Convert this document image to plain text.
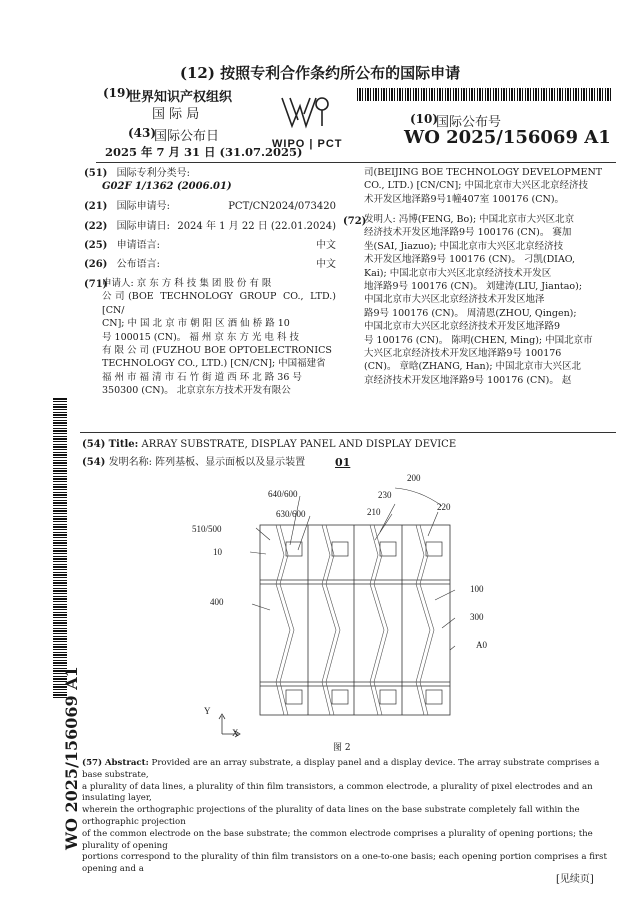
(12) 按照专利合作条约所公布的国际申请
(19)
世界知识产权组织
国 际 局
(43)
国际公布日
2025 年 7 月 31 日 (31.07.2025)
WIPO | PCT
(10)
国际公布号
WO 2025/156069 A1
(51) 国际专利分类号:
G02F 1/1362 (2006.01)
(21) 国际申请号:	PCT/CN2024/073420
(22) 国际申请日: 2024 年 1 月 22 日 (22.01.2024)
(25) 申请语言:	中文
(26) 公布语言:	中文
(71)
申请人: 京 东 方 科 技 集 团 股 份 有 限
公司(BOE TECHNOLOGY GROUP CO., LTD.) [CN/
CN]; 中 国 北 京 市 朝 阳 区 酒 仙 桥 路 10
号 100015 (CN)。 福 州 京 东 方 光 电 科 技
有 限 公 司 (FUZHOU BOE OPTOELECTRONICS
TECHNOLOGY CO., LTD.) [CN/CN]; 中国福建省
福 州 市 福 清 市 石 竹 街 道 西 环 北 路 36 号
350300 (CN)。 北京京东方技术开发有限公
司(BEIJING BOE TECHNOLOGY DEVELOPMENT
CO., LTD.) [CN/CN]; 中国北京市大兴区北京经济技
术开发区地泽路9号1幢407室 100176 (CN)。
(72)
发明人: 冯博(FENG, Bo); 中国北京市大兴区北京
经济技术开发区地泽路9号 100176 (CN)。 赛加
坐(SAI, Jiazuo); 中国北京市大兴区北京经济技
术开发区地泽路9号 100176 (CN)。 刁凯(DIAO,
Kai); 中国北京市大兴区北京经济技术开发区
地泽路9号 100176 (CN)。 刘建涛(LIU, Jiantao);
中国北京市大兴区北京经济技术开发区地泽
路9号 100176 (CN)。 周清恩(ZHOU, Qingen);
中国北京市大兴区北京经济技术开发区地泽路9
号 100176 (CN)。 陈明(CHEN, Ming); 中国北京市
大兴区北京经济技术开发区地泽路9号 100176
(CN)。 章晗(ZHANG, Han); 中国北京市大兴区北
京经济技术开发区地泽路9号 100176 (CN)。 赵
(54) Title: ARRAY SUBSTRATE, DISPLAY PANEL AND DISPLAY DEVICE
(54) 发明名称: 阵列基板、显示面板以及显示装置	01
640/600
630/600
230
200
210	220
510/500
10
100
400
300
A0
Y
X
图 2
(57) Abstract: Provided are an array substrate, a display panel and a display device. The array substrate comprises a base substrate,
a plurality of data lines, a plurality of thin film transistors, a common electrode, a plurality of pixel electrodes and an insulating layer,
wherein the orthographic projections of the plurality of data lines on the base substrate completely fall within the orthographic projection
of the common electrode on the base substrate; the common electrode comprises a plurality of opening portions; the plurality of opening
portions correspond to the plurality of thin film transistors on a one-to-one basis; each opening portion comprises a first opening and a
WO 2025/156069 A1
[见续页]
